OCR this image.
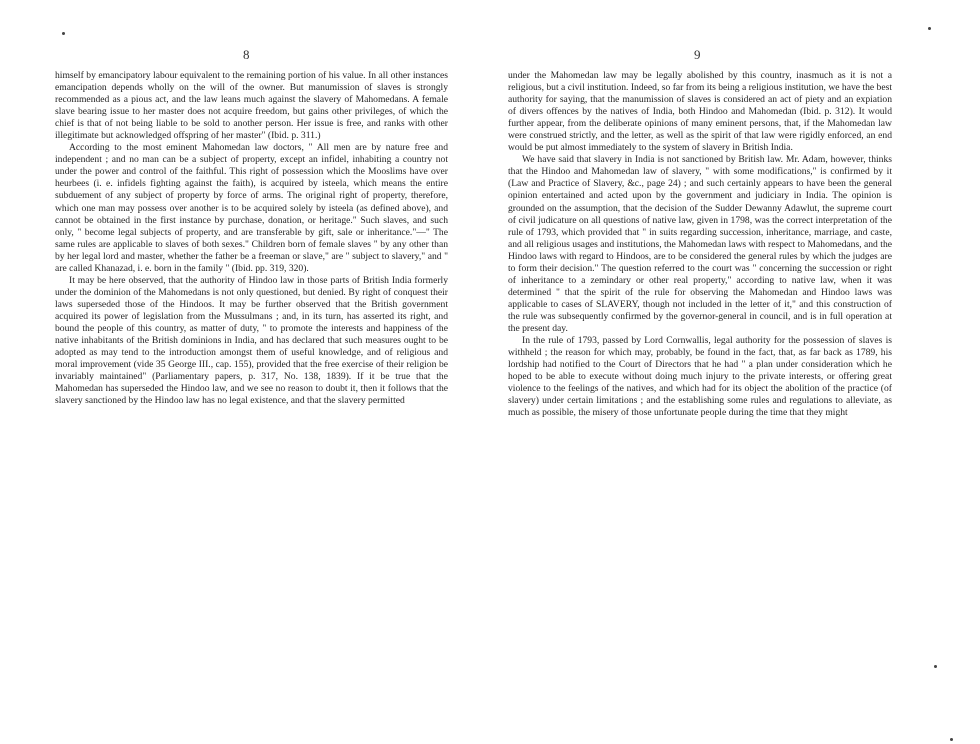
8

himself by emancipatory labour equivalent to the remaining portion of his value. In all other instances emancipation depends wholly on the will of the owner. But manumission of slaves is strongly recommended as a pious act, and the law leans much against the slavery of Mahomedans. A female slave bearing issue to her master does not acquire freedom, but gains other privileges, of which the chief is that of not being liable to be sold to another person. Her issue is free, and ranks with other illegitimate but acknowledged offspring of her master" (Ibid. p. 311.)

According to the most eminent Mahomedan law doctors, " All men are by nature free and independent ; and no man can be a subject of property, except an infidel, inhabiting a country not under the power and control of the faithful. This right of possession which the Mooslims have over heurbees (i. e. infidels fighting against the faith), is acquired by isteela, which means the entire subduement of any subject of property by force of arms. The original right of property, therefore, which one man may possess over another is to be acquired solely by isteela (as defined above), and cannot be obtained in the first instance by purchase, donation, or heritage." Such slaves, and such only, " become legal subjects of property, and are transferable by gift, sale or inheritance."—" The same rules are applicable to slaves of both sexes." Children born of female slaves " by any other than by her legal lord and master, whether the father be a freeman or slave," are " subject to slavery," and " are called Khanazad, i. e. born in the family " (Ibid. pp. 319, 320).

It may be here observed, that the authority of Hindoo law in those parts of British India formerly under the dominion of the Mahomedans is not only questioned, but denied. By right of conquest their laws superseded those of the Hindoos. It may be further observed that the British government acquired its power of legislation from the Mussulmans ; and, in its turn, has asserted its right, and bound the people of this country, as matter of duty, " to promote the interests and happiness of the native inhabitants of the British dominions in India, and has declared that such measures ought to be adopted as may tend to the introduction amongst them of useful knowledge, and of religious and moral improvement (vide 35 George III., cap. 155), provided that the free exercise of their religion be invariably maintained" (Parliamentary papers, p. 317, No. 138, 1839). If it be true that the Mahomedan has superseded the Hindoo law, and we see no reason to doubt it, then it follows that the slavery sanctioned by the Hindoo law has no legal existence, and that the slavery permitted

9

under the Mahomedan law may be legally abolished by this country, inasmuch as it is not a religious, but a civil institution. Indeed, so far from its being a religious institution, we have the best authority for saying, that the manumission of slaves is considered an act of piety and an expiation of divers offences by the natives of India, both Hindoo and Mahomedan (Ibid. p. 312). It would further appear, from the deliberate opinions of many eminent persons, that, if the Mahomedan law were construed strictly, and the letter, as well as the spirit of that law were rigidly enforced, an end would be put almost immediately to the system of slavery in British India.

We have said that slavery in India is not sanctioned by British law. Mr. Adam, however, thinks that the Hindoo and Mahomedan law of slavery, " with some modifications," is confirmed by it (Law and Practice of Slavery, &c., page 24) ; and such certainly appears to have been the general opinion entertained and acted upon by the government and judiciary in India. The opinion is grounded on the assumption, that the decision of the Sudder Dewanny Adawlut, the supreme court of civil judicature on all questions of native law, given in 1798, was the correct interpretation of the rule of 1793, which provided that " in suits regarding succession, inheritance, marriage, and caste, and all religious usages and institutions, the Mahomedan laws with respect to Mahomedans, and the Hindoo laws with regard to Hindoos, are to be considered the general rules by which the judges are to form their decision." The question referred to the court was " concerning the succession or right of inheritance to a zemindary or other real property," according to native law, when it was determined " that the spirit of the rule for observing the Mahomedan and Hindoo laws was applicable to cases of SLAVERY, though not included in the letter of it," and this construction of the rule was subsequently confirmed by the governor-general in council, and is in full operation at the present day.

In the rule of 1793, passed by Lord Cornwallis, legal authority for the possession of slaves is withheld ; the reason for which may, probably, be found in the fact, that, as far back as 1789, his lordship had notified to the Court of Directors that he had " a plan under consideration which he hoped to be able to execute without doing much injury to the private interests, or offering great violence to the feelings of the natives, and which had for its object the abolition of the practice (of slavery) under certain limitations ; and the establishing some rules and regulations to alleviate, as much as possible, the misery of those unfortunate people during the time that they might
